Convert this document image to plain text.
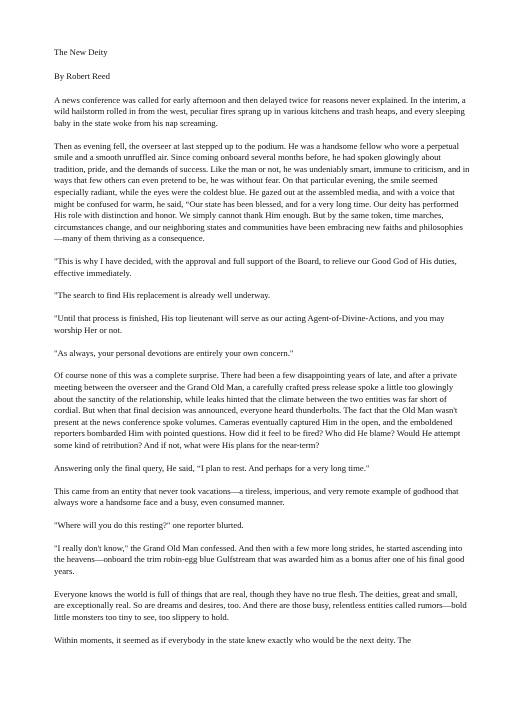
The New Deity

By Robert Reed

A news conference was called for early afternoon and then delayed twice for reasons never explained. In the interim, a wild hailstorm rolled in from the west, peculiar fires sprang up in various kitchens and trash heaps, and every sleeping baby in the state woke from his nap screaming.

Then as evening fell, the overseer at last stepped up to the podium. He was a handsome fellow who wore a perpetual smile and a smooth unruffled air. Since coming onboard several months before, he had spoken glowingly about tradition, pride, and the demands of success. Like the man or not, he was undeniably smart, immune to criticism, and in ways that few others can even pretend to be, he was without fear. On that particular evening, the smile seemed especially radiant, while the eyes were the coldest blue. He gazed out at the assembled media, and with a voice that might be confused for warm, he said, “Our state has been blessed, and for a very long time. Our deity has performed His role with distinction and honor. We simply cannot thank Him enough. But by the same token, time marches, circumstances change, and our neighboring states and communities have been embracing new faiths and philosophies—many of them thriving as a consequence.

"This is why I have decided, with the approval and full support of the Board, to relieve our Good God of His duties, effective immediately.

"The search to find His replacement is already well underway.

"Until that process is finished, His top lieutenant will serve as our acting Agent-of-Divine-Actions, and you may worship Her or not.

"As always, your personal devotions are entirely your own concern."

Of course none of this was a complete surprise. There had been a few disappointing years of late, and after a private meeting between the overseer and the Grand Old Man, a carefully crafted press release spoke a little too glowingly about the sanctity of the relationship, while leaks hinted that the climate between the two entities was far short of cordial. But when that final decision was announced, everyone heard thunderbolts. The fact that the Old Man wasn't present at the news conference spoke volumes. Cameras eventually captured Him in the open, and the emboldened reporters bombarded Him with pointed questions. How did it feel to be fired? Who did He blame? Would He attempt some kind of retribution? And if not, what were His plans for the near-term?

Answering only the final query, He said, “I plan to rest. And perhaps for a very long time."

This came from an entity that never took vacations—a tireless, imperious, and very remote example of godhood that always wore a handsome face and a busy, even consumed manner.

"Where will you do this resting?" one reporter blurted.

"I really don't know," the Grand Old Man confessed. And then with a few more long strides, he started ascending into the heavens—onboard the trim robin-egg blue Gulfstream that was awarded him as a bonus after one of his final good years.

Everyone knows the world is full of things that are real, though they have no true flesh. The deities, great and small, are exceptionally real. So are dreams and desires, too. And there are those busy, relentless entities called rumors—bold little monsters too tiny to see, too slippery to hold.

Within moments, it seemed as if everybody in the state knew exactly who would be the next deity. The
